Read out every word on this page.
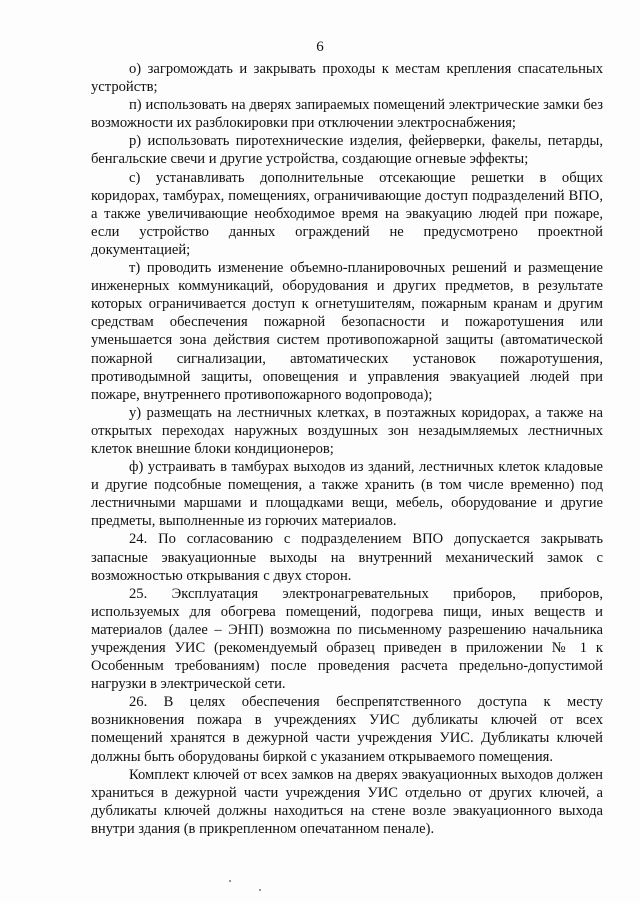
6

о) загромождать и закрывать проходы к местам крепления спасательных устройств;

п) использовать на дверях запираемых помещений электрические замки без возможности их разблокировки при отключении электроснабжения;

р) использовать пиротехнические изделия, фейерверки, факелы, петарды, бенгальские свечи и другие устройства, создающие огневые эффекты;

с) устанавливать дополнительные отсекающие решетки в общих коридорах, тамбурах, помещениях, ограничивающие доступ подразделений ВПО, а также увеличивающие необходимое время на эвакуацию людей при пожаре, если устройство данных ограждений не предусмотрено проектной документацией;

т) проводить изменение объемно-планировочных решений и размещение инженерных коммуникаций, оборудования и других предметов, в результате которых ограничивается доступ к огнетушителям, пожарным кранам и другим средствам обеспечения пожарной безопасности и пожаротушения или уменьшается зона действия систем противопожарной защиты (автоматической пожарной сигнализации, автоматических установок пожаротушения, противодымной защиты, оповещения и управления эвакуацией людей при пожаре, внутреннего противопожарного водопровода);

у) размещать на лестничных клетках, в поэтажных коридорах, а также на открытых переходах наружных воздушных зон незадымляемых лестничных клеток внешние блоки кондиционеров;

ф) устраивать в тамбурах выходов из зданий, лестничных клеток кладовые и другие подсобные помещения, а также хранить (в том числе временно) под лестничными маршами и площадками вещи, мебель, оборудование и другие предметы, выполненные из горючих материалов.

24. По согласованию с подразделением ВПО допускается закрывать запасные эвакуационные выходы на внутренний механический замок с возможностью открывания с двух сторон.

25. Эксплуатация электронагревательных приборов, приборов, используемых для обогрева помещений, подогрева пищи, иных веществ и материалов (далее – ЭНП) возможна по письменному разрешению начальника учреждения УИС (рекомендуемый образец приведен в приложении № 1 к Особенным требованиям) после проведения расчета предельно-допустимой нагрузки в электрической сети.

26. В целях обеспечения беспрепятственного доступа к месту возникновения пожара в учреждениях УИС дубликаты ключей от всех помещений хранятся в дежурной части учреждения УИС. Дубликаты ключей должны быть оборудованы биркой с указанием открываемого помещения.

Комплект ключей от всех замков на дверях эвакуационных выходов должен храниться в дежурной части учреждения УИС отдельно от других ключей, а дубликаты ключей должны находиться на стене возле эвакуационного выхода внутри здания (в прикрепленном опечатанном пенале).
